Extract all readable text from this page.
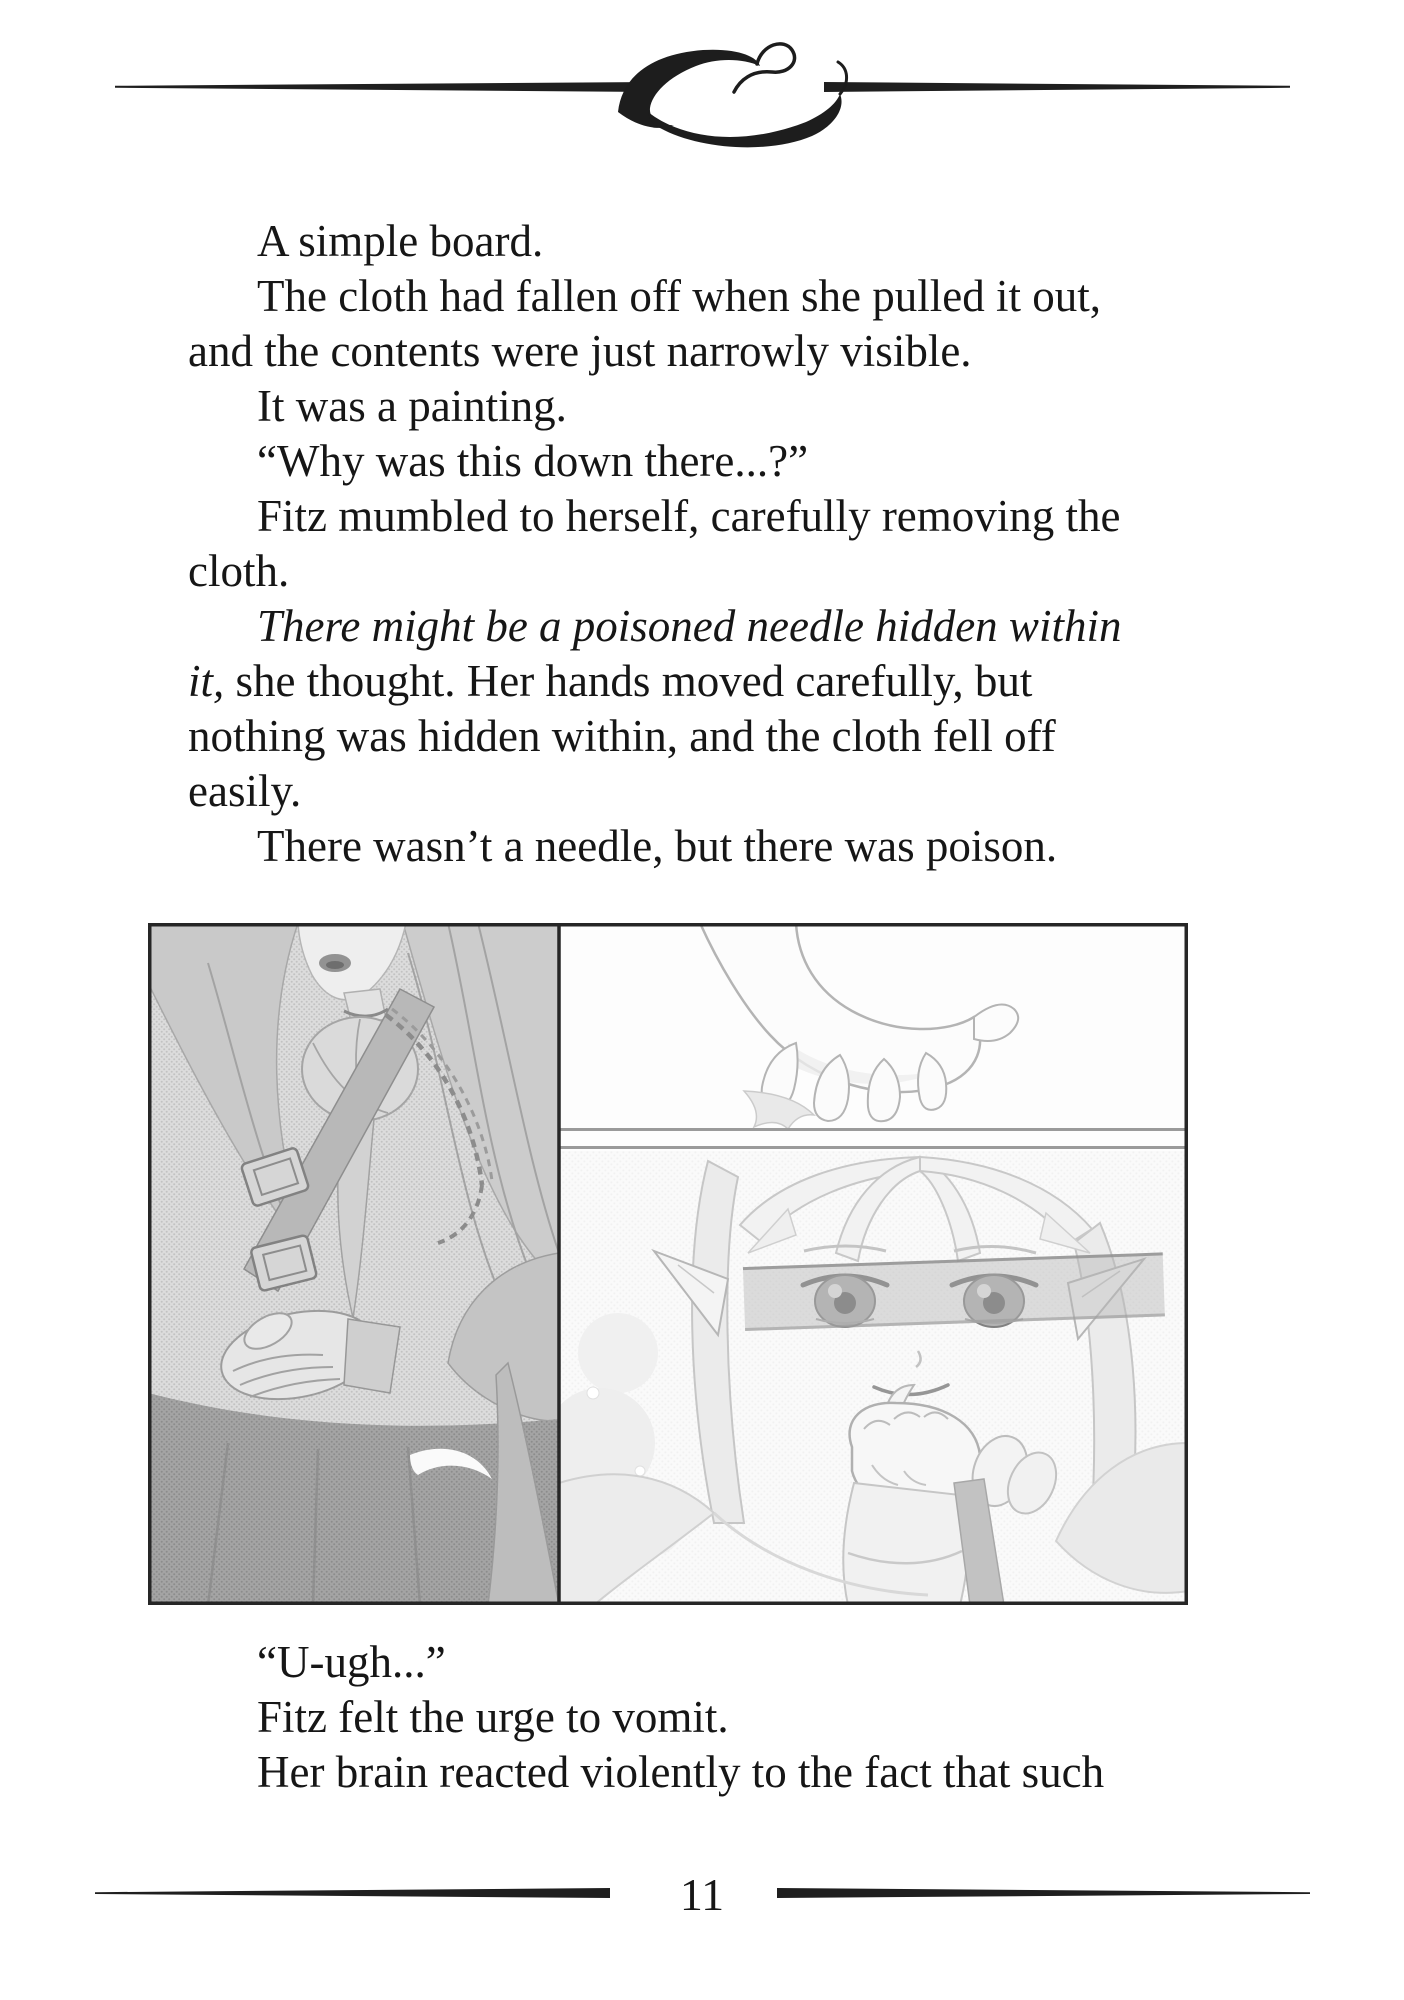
A simple board.

The cloth had fallen off when she pulled it out, and the contents were just narrowly visible.

It was a painting.

“Why was this down there...?”

Fitz mumbled to herself, carefully removing the cloth.

There might be a poisoned needle hidden within it, she thought. Her hands moved carefully, but nothing was hidden within, and the cloth fell off easily.

There wasn’t a needle, but there was poison.

“U-ugh...”

Fitz felt the urge to vomit.

Her brain reacted violently to the fact that such

11
